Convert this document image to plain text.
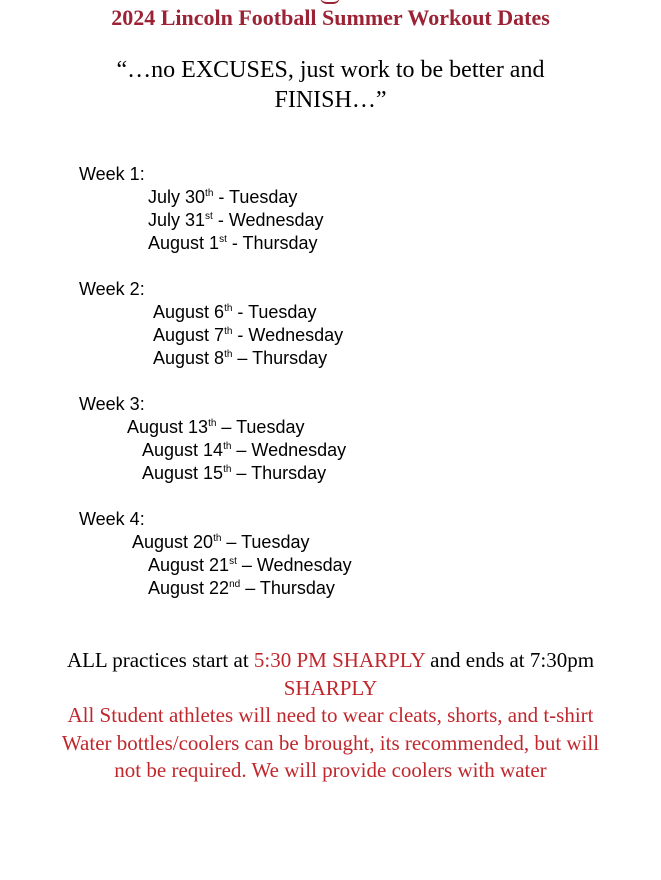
2024 Lincoln Football Summer Workout Dates

“…no EXCUSES, just work to be better and FINISH…”

Week 1:
July 30th - Tuesday
July 31st - Wednesday
August 1st - Thursday
Week 2:
August 6th - Tuesday
August 7th - Wednesday
August 8th – Thursday
Week 3:
August 13th – Tuesday
August 14th – Wednesday
August 15th – Thursday
Week 4:
August 20th – Tuesday
August 21st – Wednesday
August 22nd – Thursday

ALL practices start at 5:30 PM SHARPLY and ends at 7:30pm

SHARPLY

All Student athletes will need to wear cleats, shorts, and t-shirt

Water bottles/coolers can be brought, its recommended, but will not be required. We will provide coolers with water
